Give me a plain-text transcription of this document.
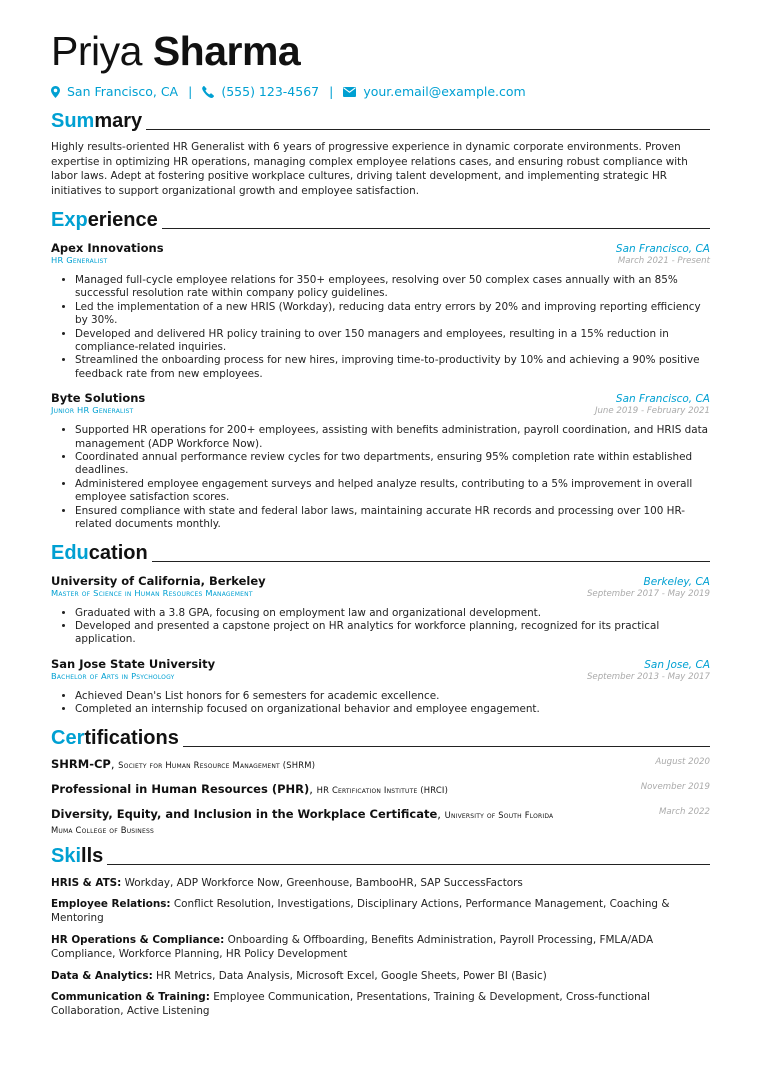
Priya Sharma
San Francisco, CA | (555) 123-4567 | your.email@example.com
Summary

Highly results-oriented HR Generalist with 6 years of progressive experience in dynamic corporate environments. Proven expertise in optimizing HR operations, managing complex employee relations cases, and ensuring robust compliance with labor laws. Adept at fostering positive workplace cultures, driving talent development, and implementing strategic HR initiatives to support organizational growth and employee satisfaction.

Experience
Apex Innovations	San Francisco, CA
HR Generalist	March 2021 - Present
• Managed full-cycle employee relations for 350+ employees, resolving over 50 complex cases annually with an 85% successful resolution rate within company policy guidelines.
• Led the implementation of a new HRIS (Workday), reducing data entry errors by 20% and improving reporting efficiency by 30%.
• Developed and delivered HR policy training to over 150 managers and employees, resulting in a 15% reduction in compliance-related inquiries.
• Streamlined the onboarding process for new hires, improving time-to-productivity by 10% and achieving a 90% positive feedback rate from new employees.
Byte Solutions	San Francisco, CA
Junior HR Generalist	June 2019 - February 2021
• Supported HR operations for 200+ employees, assisting with benefits administration, payroll coordination, and HRIS data management (ADP Workforce Now).
• Coordinated annual performance review cycles for two departments, ensuring 95% completion rate within established deadlines.
• Administered employee engagement surveys and helped analyze results, contributing to a 5% improvement in overall employee satisfaction scores.
• Ensured compliance with state and federal labor laws, maintaining accurate HR records and processing over 100 HR-related documents monthly.
Education
University of California, Berkeley	Berkeley, CA
Master of Science in Human Resources Management	September 2017 - May 2019
• Graduated with a 3.8 GPA, focusing on employment law and organizational development.
• Developed and presented a capstone project on HR analytics for workforce planning, recognized for its practical application.
San Jose State University	San Jose, CA
Bachelor of Arts in Psychology	September 2013 - May 2017
• Achieved Dean's List honors for 6 semesters for academic excellence.
• Completed an internship focused on organizational behavior and employee engagement.
Certifications
SHRM-CP, Society for Human Resource Management (SHRM)	August 2020
Professional in Human Resources (PHR), HR Certification Institute (HRCI)	November 2019
Diversity, Equity, and Inclusion in the Workplace Certificate, University of South Florida Muma College of Business
March 2022
Skills
HRIS & ATS: Workday, ADP Workforce Now, Greenhouse, BambooHR, SAP SuccessFactors
Employee Relations: Conflict Resolution, Investigations, Disciplinary Actions, Performance Management, Coaching & Mentoring
HR Operations & Compliance: Onboarding & Offboarding, Benefits Administration, Payroll Processing, FMLA/ADA Compliance, Workforce Planning, HR Policy Development
Data & Analytics: HR Metrics, Data Analysis, Microsoft Excel, Google Sheets, Power BI (Basic)
Communication & Training: Employee Communication, Presentations, Training & Development, Cross-functional Collaboration, Active Listening
